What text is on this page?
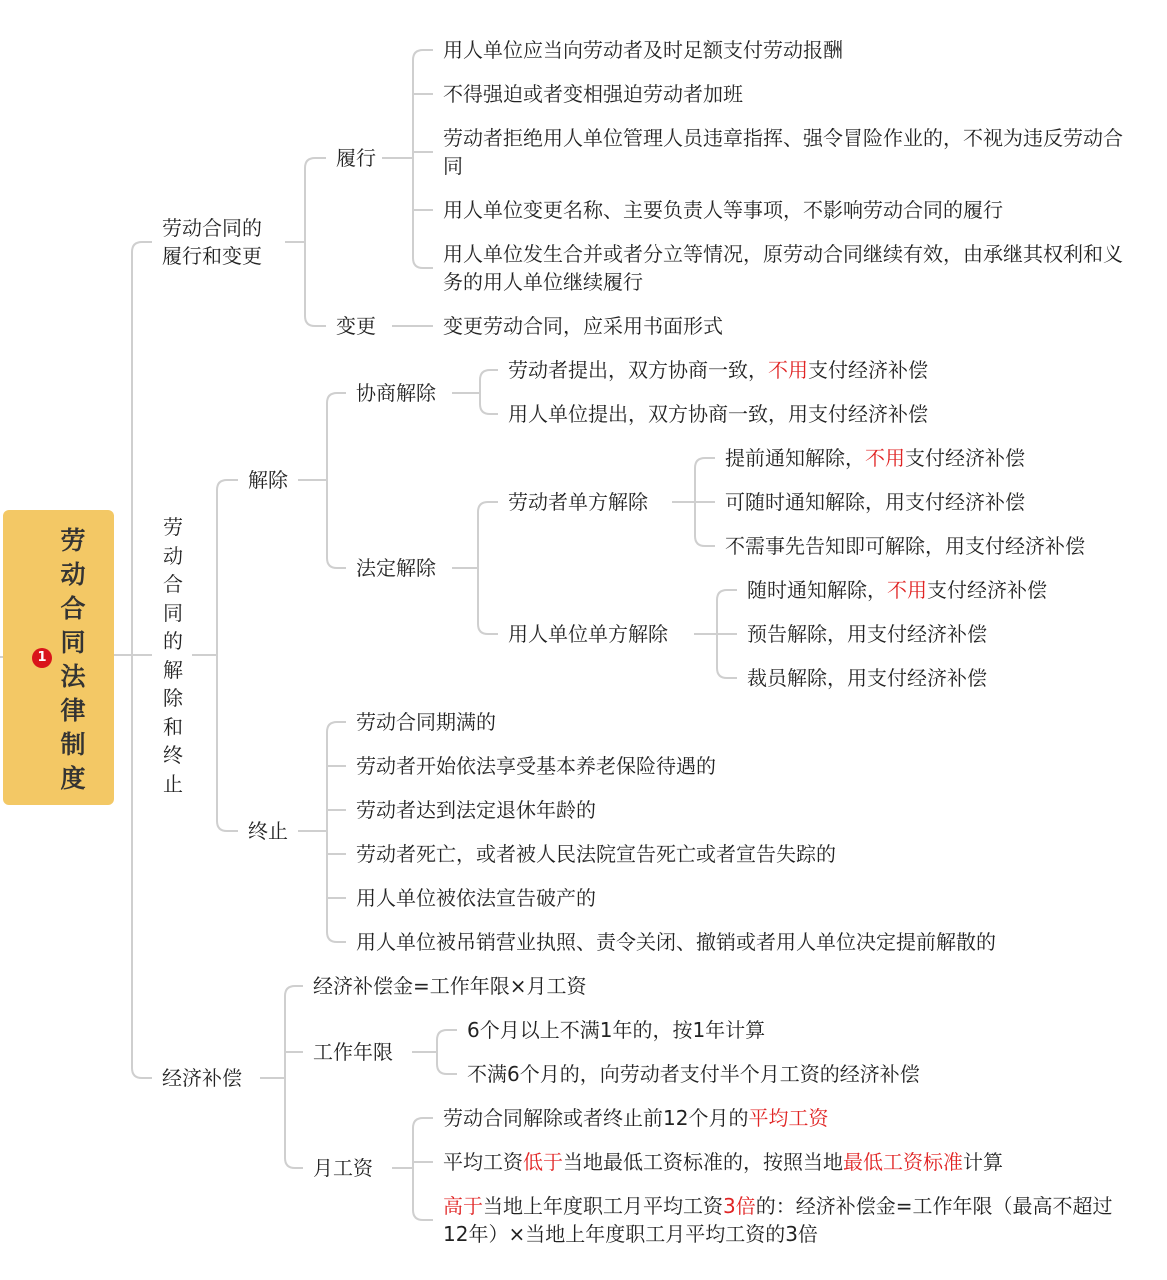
1
劳动合同法律制度
劳动合同的履行和变更
履行
用人单位应当向劳动者及时足额支付劳动报酬
不得强迫或者变相强迫劳动者加班
劳动者拒绝用人单位管理人员违章指挥、强令冒险作业的，不视为违反劳动合同
用人单位变更名称、主要负责人等事项，不影响劳动合同的履行
用人单位发生合并或者分立等情况，原劳动合同继续有效，由承继其权利和义务的用人单位继续履行
变更	变更劳动合同，应采用书面形式
劳动合同的解除和终止
解除
协商解除
劳动者提出，双方协商一致，不用支付经济补偿
用人单位提出，双方协商一致，用支付经济补偿
法定解除
劳动者单方解除
提前通知解除，不用支付经济补偿
可随时通知解除，用支付经济补偿
不需事先告知即可解除，用支付经济补偿
用人单位单方解除
随时通知解除，不用支付经济补偿
预告解除，用支付经济补偿
裁员解除，用支付经济补偿
终止
劳动合同期满的
劳动者开始依法享受基本养老保险待遇的
劳动者达到法定退休年龄的
劳动者死亡，或者被人民法院宣告死亡或者宣告失踪的
用人单位被依法宣告破产的
用人单位被吊销营业执照、责令关闭、撤销或者用人单位决定提前解散的
经济补偿
经济补偿金=工作年限×月工资
工作年限
6个月以上不满1年的，按1年计算
不满6个月的，向劳动者支付半个月工资的经济补偿
月工资
劳动合同解除或者终止前12个月的平均工资
平均工资低于当地最低工资标准的，按照当地最低工资标准计算
高于当地上年度职工月平均工资3倍的：经济补偿金=工作年限（最高不超过12年）×当地上年度职工月平均工资的3倍
